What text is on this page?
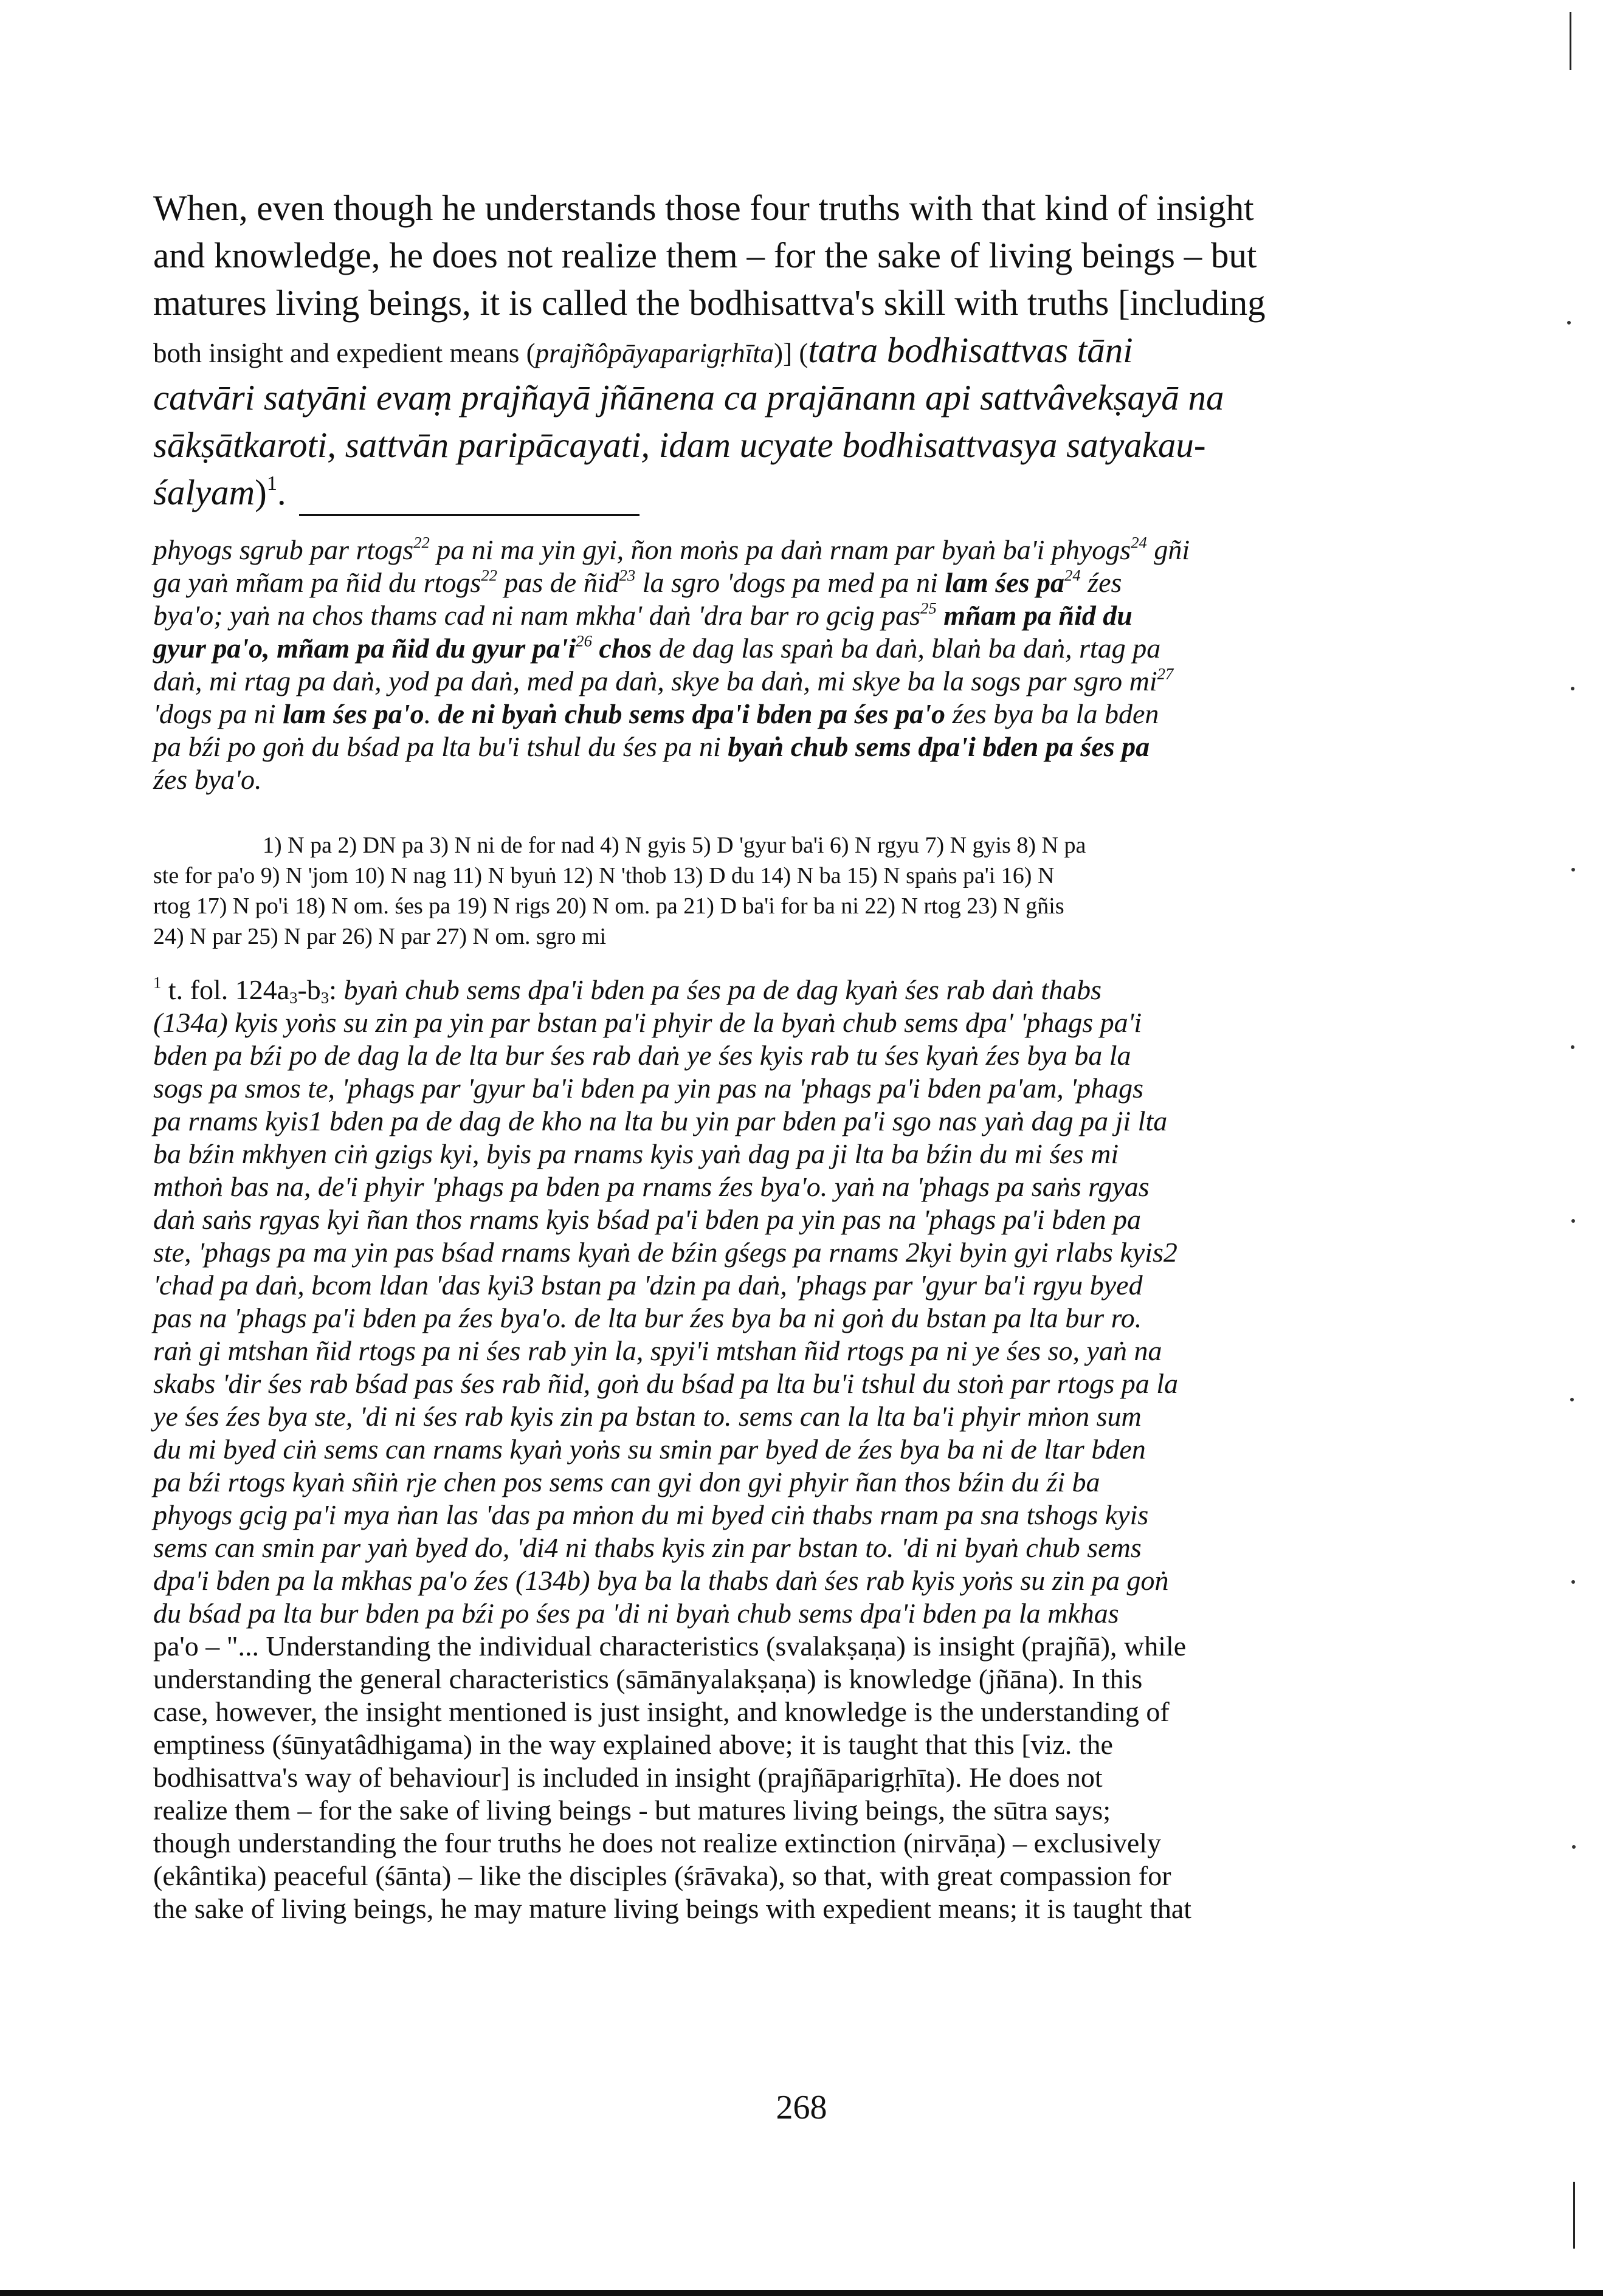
When, even though he understands those four truths with that kind of insight
and knowledge, he does not realize them – for the sake of living beings – but
matures living beings, it is called the bodhisattva's skill with truths [including
both insight and expedient means (prajñôpāyaparigṛhīta)] (tatra bodhisattvas tāni
catvāri satyāni evaṃ prajñayā jñānena ca prajānann api sattvâvekṣayā na
sākṣātkaroti, sattvān paripācayati, idam ucyate bodhisattvasya satyakau-
śalyam)$^1$.
phyogs sgrub par rtogs$^{22}$ pa ni ma yin gyi, ñon moṅs pa daṅ rnam par byaṅ ba'i phyogs$^{24}$ gñi
ga yaṅ mñam pa ñid du rtogs$^{22}$ pas de ñid$^{23}$ la sgro 'dogs pa med pa ni lam śes $pa^{24}$ źes
bya'o; yaṅ na chos thams cad ni nam mkha' daṅ 'dra bar ro gcig pas$^{25}$ mñam pa ñid du
gyur pa'o, mñam pa ñid du gyur $pa'i^{26}$ chos de dag las spaṅ ba daṅ, blaṅ ba daṅ, rtag pa
daṅ, mi rtag pa daṅ, yod pa daṅ, med pa daṅ, skye ba daṅ, mi skye ba la sogs par sgro $mi^{27}$
'dogs pa ni lam śes pa'o. de ni byaṅ chub sems dpa'i bden pa śes pa'o źes bya ba la bden
pa bźi po goṅ du bśad pa lta bu'i tshul du śes pa ni byaṅ chub sems dpa'i bden pa śes pa
źes bya'o.
1) N pa 2) DN pa 3) N ni de for nad 4) N gyis 5) D 'gyur ba'i 6) N rgyu 7) N gyis 8) N pa
ste for pa'o 9) N 'jom 10) N nag 11) N byuṅ 12) N 'thob 13) D du 14) N ba 15) N spaṅs pa'i 16) N
rtog 17) N po'i 18) N om. śes pa 19) N rigs 20) N om. pa 21) D ba'i for ba ni 22) N rtog 23) N gñis
24) N par 25) N par 26) N par 27) N om. sgro mi
$^1$ t. fol. $124a_3-b_3$: byaṅ chub sems dpa'i bden pa śes pa de dag kyaṅ śes rab daṅ thabs
(134a) kyis yoṅs su zin pa yin par bstan pa'i phyir de la byaṅ chub sems dpa' 'phags pa'i
bden pa bźi po de dag la de lta bur śes rab daṅ ye śes kyis rab tu śes kyaṅ źes bya ba la
sogs pa smos te, 'phags par 'gyur ba'i bden pa yin pas na 'phags pa'i bden pa'am, 'phags
pa rnams kyis1 bden pa de dag de kho na lta bu yin par bden pa'i sgo nas yaṅ dag pa ji lta
ba bźin mkhyen ciṅ gzigs kyi, byis pa rnams kyis yaṅ dag pa ji lta ba bźin du mi śes mi
mthoṅ bas na, de'i phyir 'phags pa bden pa rnams źes bya'o. yaṅ na 'phags pa saṅs rgyas
daṅ saṅs rgyas kyi ñan thos rnams kyis bśad pa'i bden pa yin pas na 'phags pa'i bden pa
ste, 'phags pa ma yin pas bśad rnams kyaṅ de bźin gśegs pa rnams 2kyi byin gyi rlabs kyis2
'chad pa daṅ, bcom ldan 'das kyi3 bstan pa 'dzin pa daṅ, 'phags par 'gyur ba'i rgyu byed
pas na 'phags pa'i bden pa źes bya'o. de lta bur źes bya ba ni goṅ du bstan pa lta bur ro.
raṅ gi mtshan ñid rtogs pa ni śes rab yin la, spyi'i mtshan ñid rtogs pa ni ye śes so, yaṅ na
skabs 'dir śes rab bśad pas śes rab ñid, goṅ du bśad pa lta bu'i tshul du stoṅ par rtogs pa la
ye śes źes bya ste, 'di ni śes rab kyis zin pa bstan to. sems can la lta ba'i phyir mṅon sum
du mi byed ciṅ sems can rnams kyaṅ yoṅs su smin par byed de źes bya ba ni de ltar bden
pa bźi rtogs kyaṅ sñiṅ rje chen pos sems can gyi don gyi phyir ñan thos bźin du źi ba
phyogs gcig pa'i mya ṅan las 'das pa mṅon du mi byed ciṅ thabs rnam pa sna tshogs kyis
sems can smin par yaṅ byed do, 'di4 ni thabs kyis zin par bstan to. 'di ni byaṅ chub sems
dpa'i bden pa la mkhas pa'o źes (134b) bya ba la thabs daṅ śes rab kyis yoṅs su zin pa goṅ
du bśad pa lta bur bden pa bźi po śes pa 'di ni byaṅ chub sems dpa'i bden pa la mkhas
pa'o – "... Understanding the individual characteristics (svalakṣaṇa) is insight (prajñā), while
understanding the general characteristics (sāmānyalakṣaṇa) is knowledge (jñāna). In this
case, however, the insight mentioned is just insight, and knowledge is the understanding of
emptiness (śūnyatâdhigama) in the way explained above; it is taught that this [viz. the
bodhisattva's way of behaviour] is included in insight (prajñāparigṛhīta). He does not
realize them – for the sake of living beings - but matures living beings, the sūtra says;
though understanding the four truths he does not realize extinction (nirvāṇa) – exclusively
(ekântika) peaceful (śānta) – like the disciples (śrāvaka), so that, with great compassion for
the sake of living beings, he may mature living beings with expedient means; it is taught that
268
